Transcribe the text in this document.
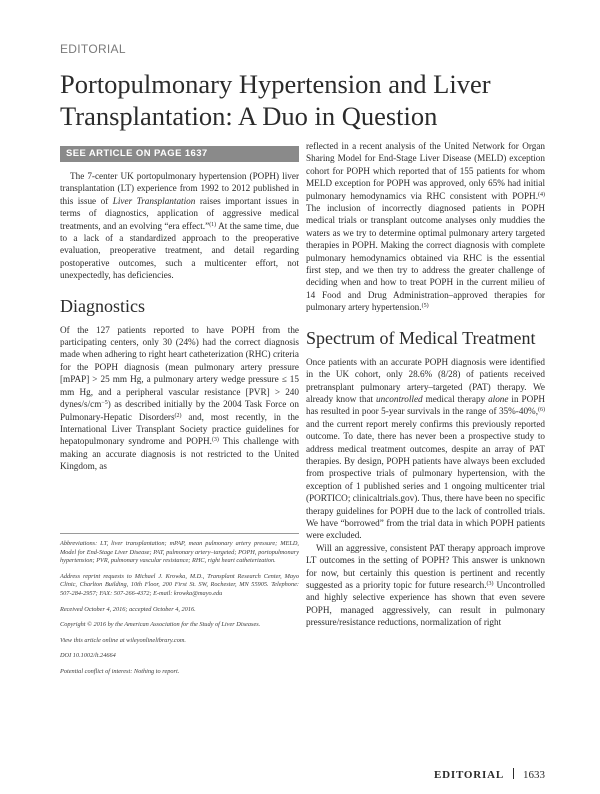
EDITORIAL
Portopulmonary Hypertension and Liver Transplantation: A Duo in Question
SEE ARTICLE ON PAGE 1637

The 7-center UK portopulmonary hypertension (POPH) liver transplantation (LT) experience from 1992 to 2012 published in this issue of Liver Transplantation raises important issues in terms of diagnostics, application of aggressive medical treatments, and an evolving “era effect.”$^{(1)}$ At the same time, due to a lack of a standardized approach to the preoperative evaluation, preoperative treatment, and detail regarding postoperative outcomes, such a multicenter effort, not unexpectedly, has deficiencies.

Diagnostics

Of the 127 patients reported to have POPH from the participating centers, only 30 (24%) had the correct diagnosis made when adhering to right heart catheterization (RHC) criteria for the POPH diagnosis (mean pulmonary artery pressure [mPAP] > 25 mm Hg, a pulmonary artery wedge pressure ≤ 15 mm Hg, and a peripheral vascular resistance [PVR] > 240 dynes/$s/cm^{-5}$) as described initially by the 2004 Task Force on Pulmonary-Hepatic Disorders$^{(2)}$ and, most recently, in the International Liver Transplant Society practice guidelines for hepatopulmonary syndrome and POPH.$^{(3)}$ This challenge with making an accurate diagnosis is not restricted to the United Kingdom, as

Abbreviations: LT, liver transplantation; mPAP, mean pulmonary artery pressure; MELD, Model for End-Stage Liver Disease; PAT, pulmonary artery–targeted; POPH, portopulmonary hypertension; PVR, pulmonary vascular resistance; RHC, right heart catheterization.

Address reprint requests to Michael J. Krowka, M.D., Transplant Research Center, Mayo Clinic, Charlton Building, 10th Floor, 200 First St. SW, Rochester, MN 55905. Telephone: 507-284-2957; FAX: 507-266-4372; E-mail: krowka@mayo.edu

Received October 4, 2016; accepted October 4, 2016.

Copyright © 2016 by the American Association for the Study of Liver Diseases.

View this article online at wileyonlinelibrary.com.

DOI 10.1002/lt.24664

Potential conflict of interest: Nothing to report.

reflected in a recent analysis of the United Network for Organ Sharing Model for End-Stage Liver Disease (MELD) exception cohort for POPH which reported that of 155 patients for whom MELD exception for POPH was approved, only 65% had initial pulmonary hemodynamics via RHC consistent with POPH.$^{(4)}$ The inclusion of incorrectly diagnosed patients in POPH medical trials or transplant outcome analyses only muddies the waters as we try to determine optimal pulmonary artery targeted therapies in POPH. Making the correct diagnosis with complete pulmonary hemodynamics obtained via RHC is the essential first step, and we then try to address the greater challenge of deciding when and how to treat POPH in the current milieu of 14 Food and Drug Administration–approved therapies for pulmonary artery hypertension.$^{(5)}$

Spectrum of Medical Treatment

Once patients with an accurate POPH diagnosis were identified in the UK cohort, only 28.6% (8/28) of patients received pretransplant pulmonary artery–targeted (PAT) therapy. We already know that uncontrolled medical therapy alone in POPH has resulted in poor 5-year survivals in the range of 35%-40%,$^{(6)}$ and the current report merely confirms this previously reported outcome. To date, there has never been a prospective study to address medical treatment outcomes, despite an array of PAT therapies. By design, POPH patients have always been excluded from prospective trials of pulmonary hypertension, with the exception of 1 published series and 1 ongoing multicenter trial (PORTICO; clinicaltrials.gov). Thus, there have been no specific therapy guidelines for POPH due to the lack of controlled trials. We have “borrowed” from the trial data in which POPH patients were excluded.

Will an aggressive, consistent PAT therapy approach improve LT outcomes in the setting of POPH? This answer is unknown for now, but certainly this question is pertinent and recently suggested as a priority topic for future research.$^{(3)}$ Uncontrolled and highly selective experience has shown that even severe POPH, managed aggressively, can result in pulmonary pressure/resistance reductions, normalization of right

EDITORIAL 1633
